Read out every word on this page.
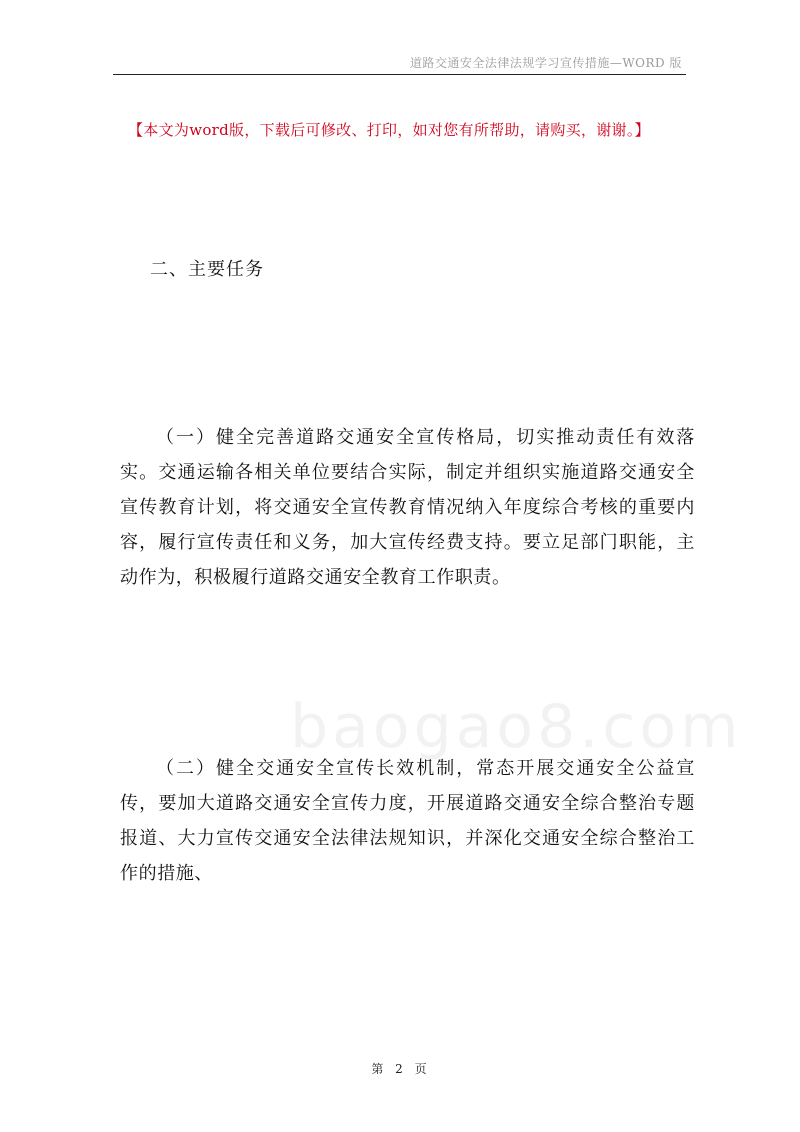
道路交通安全法律法规学习宣传措施—WORD 版
【本文为word版，下载后可修改、打印，如对您有所帮助，请购买，谢谢。】
二、主要任务
（一）健全完善道路交通安全宣传格局，切实推动责任有效落实。交通运输各相关单位要结合实际，制定并组织实施道路交通安全宣传教育计划，将交通安全宣传教育情况纳入年度综合考核的重要内容，履行宣传责任和义务，加大宣传经费支持。要立足部门职能，主动作为，积极履行道路交通安全教育工作职责。
baogao8.com
（二）健全交通安全宣传长效机制，常态开展交通安全公益宣传，要加大道路交通安全宣传力度，开展道路交通安全综合整治专题报道、大力宣传交通安全法律法规知识，并深化交通安全综合整治工作的措施、
第 2 页
